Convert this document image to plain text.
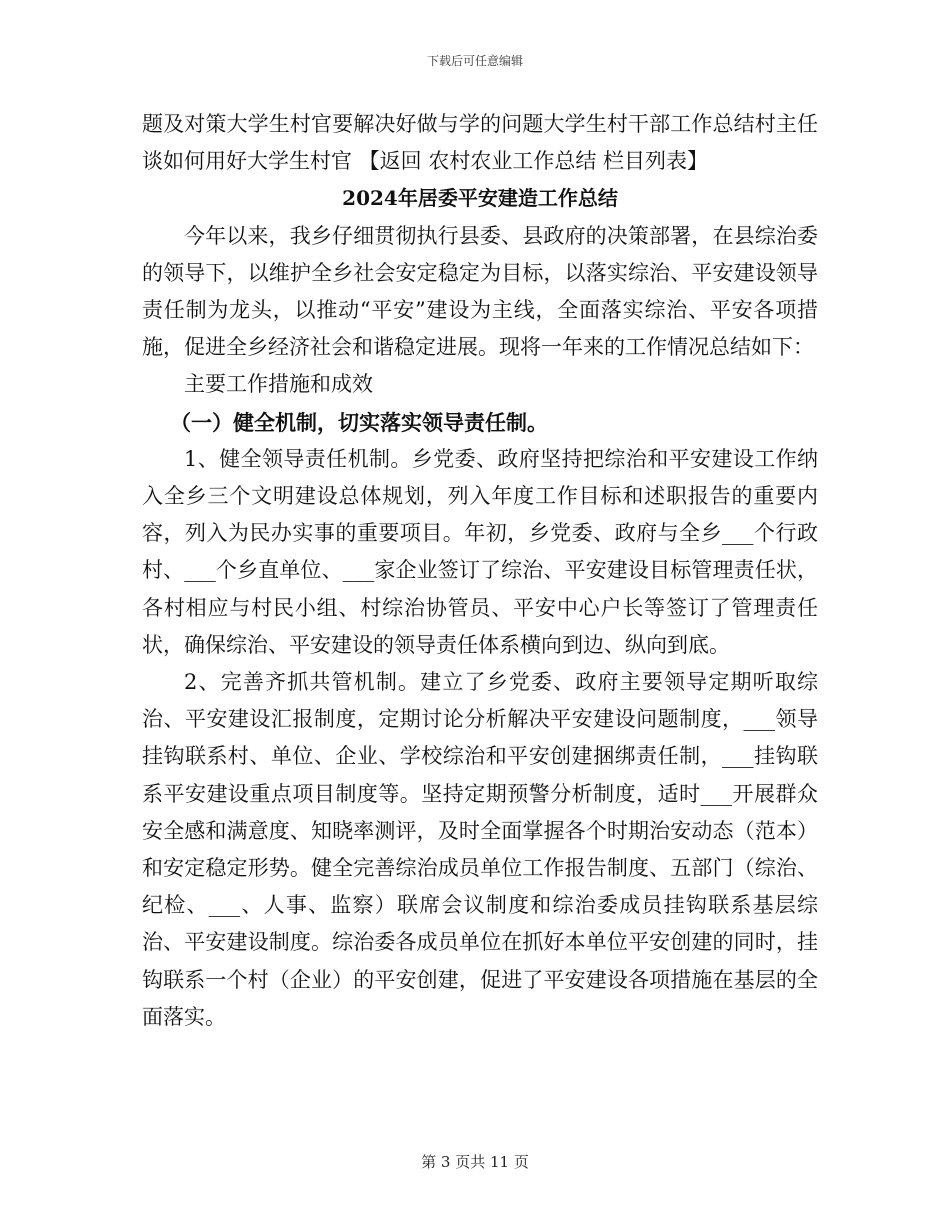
下载后可任意编辑

题及对策大学生村官要解决好做与学的问题大学生村干部工作总结村主任谈如何用好大学生村官 【返回 农村农业工作总结 栏目列表】

2024年居委平安建造工作总结

今年以来，我乡仔细贯彻执行县委、县政府的决策部署，在县综治委的领导下，以维护全乡社会安定稳定为目标，以落实综治、平安建设领导责任制为龙头，以推动“平安”建设为主线，全面落实综治、平安各项措施，促进全乡经济社会和谐稳定进展。现将一年来的工作情况总结如下：

主要工作措施和成效

（一）健全机制，切实落实领导责任制。

1、健全领导责任机制。乡党委、政府坚持把综治和平安建设工作纳入全乡三个文明建设总体规划，列入年度工作目标和述职报告的重要内容，列入为民办实事的重要项目。年初，乡党委、政府与全乡___个行政村、___个乡直单位、___家企业签订了综治、平安建设目标管理责任状，各村相应与村民小组、村综治协管员、平安中心户长等签订了管理责任状，确保综治、平安建设的领导责任体系横向到边、纵向到底。

2、完善齐抓共管机制。建立了乡党委、政府主要领导定期听取综治、平安建设汇报制度，定期讨论分析解决平安建设问题制度，___领导挂钩联系村、单位、企业、学校综治和平安创建捆绑责任制，___挂钩联系平安建设重点项目制度等。坚持定期预警分析制度，适时___开展群众安全感和满意度、知晓率测评，及时全面掌握各个时期治安动态（范本）和安定稳定形势。健全完善综治成员单位工作报告制度、五部门（综治、纪检、___、人事、监察）联席会议制度和综治委成员挂钩联系基层综治、平安建设制度。综治委各成员单位在抓好本单位平安创建的同时，挂钩联系一个村（企业）的平安创建，促进了平安建设各项措施在基层的全面落实。

第 3 页共 11 页
